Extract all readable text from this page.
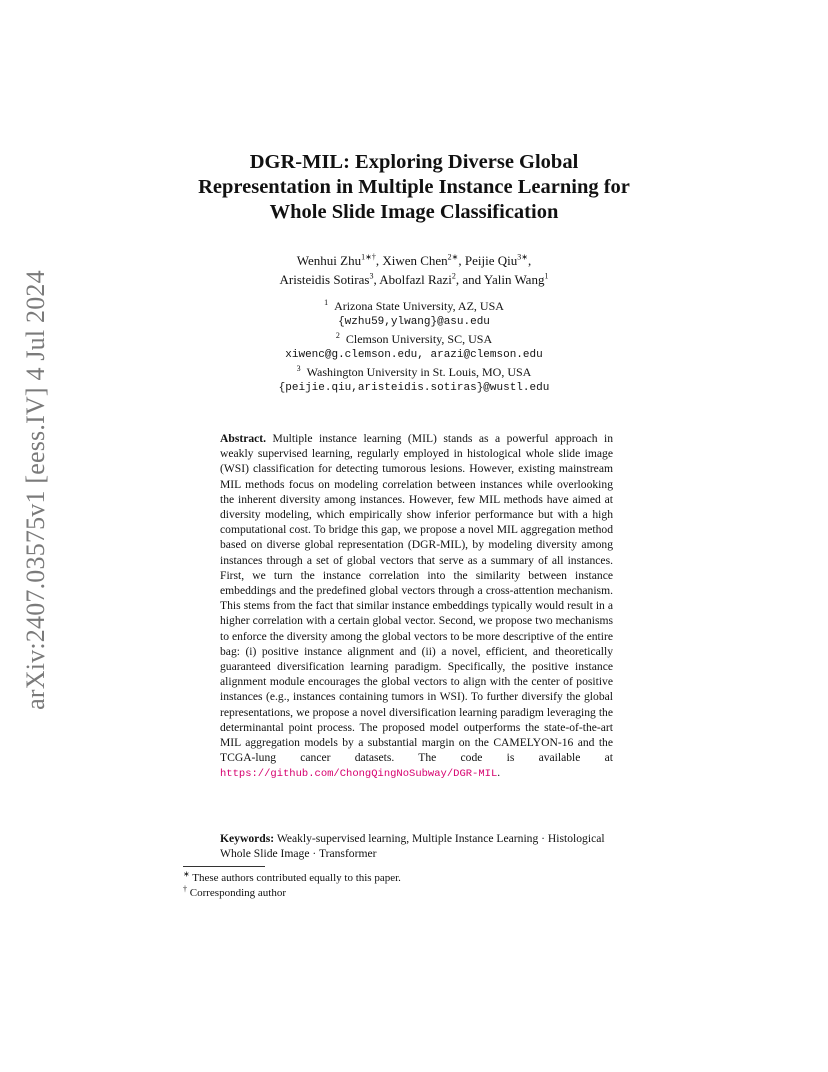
arXiv:2407.03575v1 [eess.IV] 4 Jul 2024
DGR-MIL: Exploring Diverse Global
Representation in Multiple Instance Learning for
Whole Slide Image Classification
Wenhui Zhu$^{1∗\dagger}$, Xiwen Chen$^{2∗}$, Peijie Qiu$^{3∗}$,
Aristeidis Sotiras$^3$, Abolfazl Razi$^2$, and Yalin Wang$^1$
$^1$ Arizona State University, AZ, USA
{wzhu59,ylwang}@asu.edu
$^2$ Clemson University, SC, USA
xiwenc@g.clemson.edu, arazi@clemson.edu
$^3$ Washington University in St. Louis, MO, USA
{peijie.qiu,aristeidis.sotiras}@wustl.edu
Abstract. Multiple instance learning (MIL) stands as a powerful approach in weakly supervised learning, regularly employed in histological whole slide image (WSI) classification for detecting tumorous lesions. However, existing mainstream MIL methods focus on modeling correlation between instances while overlooking the inherent diversity among instances. However, few MIL methods have aimed at diversity modeling, which empirically show inferior performance but with a high computational cost. To bridge this gap, we propose a novel MIL aggregation method based on diverse global representation (DGR-MIL), by modeling diversity among instances through a set of global vectors that serve as a summary of all instances. First, we turn the instance correlation into the similarity between instance embeddings and the predefined global vectors through a cross-attention mechanism. This stems from the fact that similar instance embeddings typically would result in a higher correlation with a certain global vector. Second, we propose two mechanisms to enforce the diversity among the global vectors to be more descriptive of the entire bag: (i) positive instance alignment and (ii) a novel, efficient, and theoretically guaranteed diversification learning paradigm. Specifically, the positive instance alignment module encourages the global vectors to align with the center of positive instances (e.g., instances containing tumors in WSI). To further diversify the global representations, we propose a novel diversification learning paradigm leveraging the determinantal point process. The proposed model outperforms the state-of-the-art MIL aggregation models by a substantial margin on the CAMELYON-16 and the TCGA-lung cancer datasets. The code is available at https://github.com/ChongQingNoSubway/DGR-MIL.
Keywords: Weakly-supervised learning, Multiple Instance Learning · Histological Whole Slide Image · Transformer
∗ These authors contributed equally to this paper.
† Corresponding author
